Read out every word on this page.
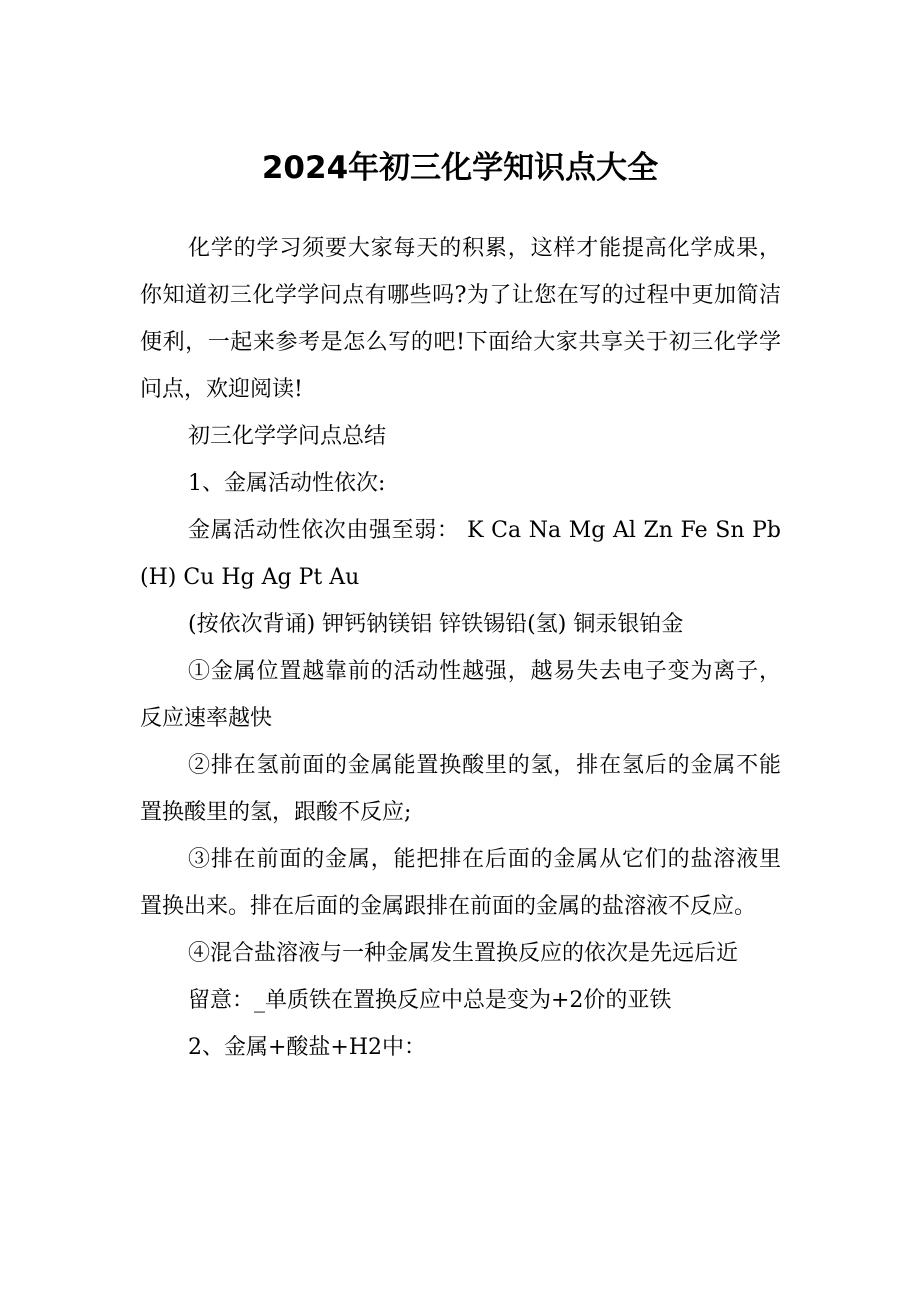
2024年初三化学知识点大全

化学的学习须要大家每天的积累，这样才能提高化学成果，你知道初三化学学问点有哪些吗?为了让您在写的过程中更加简洁便利，一起来参考是怎么写的吧!下面给大家共享关于初三化学学问点，欢迎阅读!

初三化学学问点总结

1、金属活动性依次:

金属活动性依次由强至弱： K Ca Na Mg Al Zn Fe Sn Pb (H) Cu Hg Ag Pt Au

(按依次背诵) 钾钙钠镁铝 锌铁锡铅(氢) 铜汞银铂金

①金属位置越靠前的活动性越强，越易失去电子变为离子，反应速率越快

②排在氢前面的金属能置换酸里的氢，排在氢后的金属不能置换酸里的氢，跟酸不反应;

③排在前面的金属，能把排在后面的金属从它们的盐溶液里置换出来。排在后面的金属跟排在前面的金属的盐溶液不反应。

④混合盐溶液与一种金属发生置换反应的依次是先远后近

留意：_单质铁在置换反应中总是变为+2价的亚铁

2、金属+酸盐+H2中：
